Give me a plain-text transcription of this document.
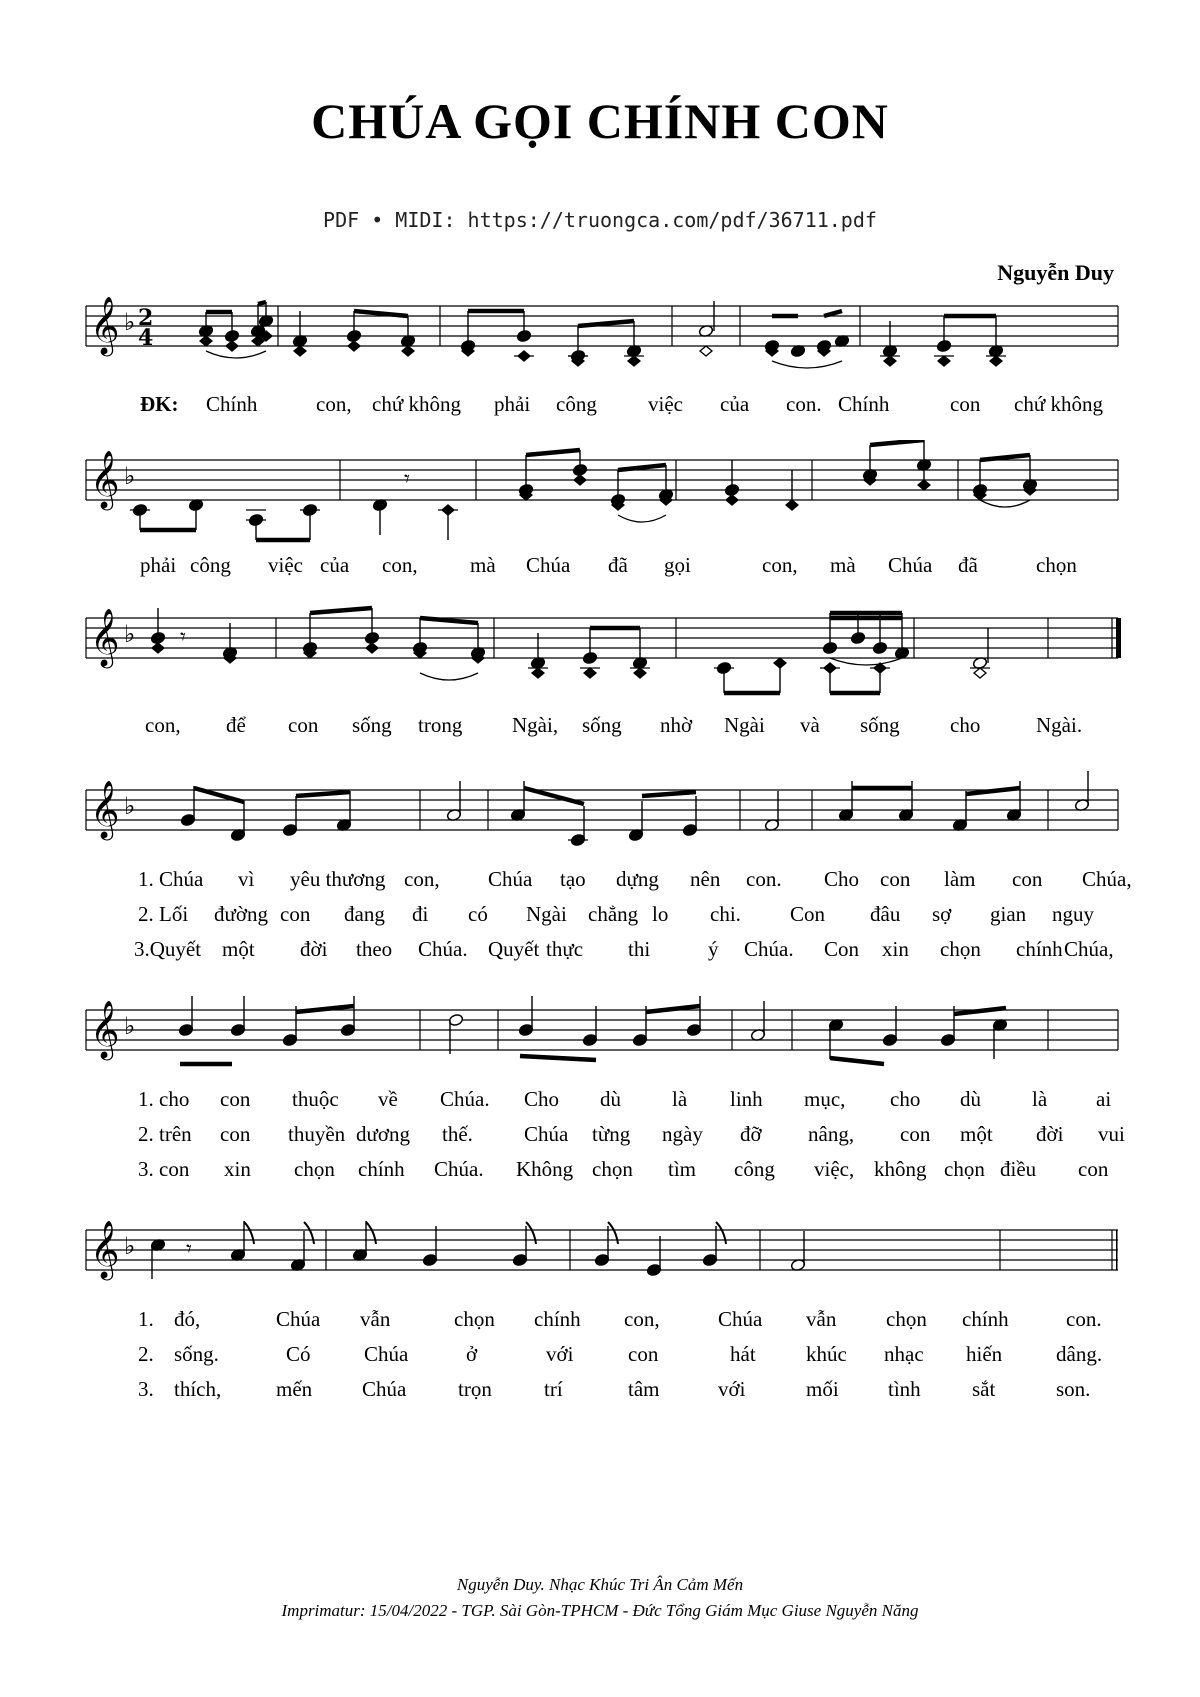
CHÚA GỌI CHÍNH CON
PDF • MIDI: https://truongca.com/pdf/36711.pdf
Nguyễn Duy
𝄞 ♭ 2
4
𝄞 ♭	𝄾
𝄞 ♭ 𝄾
𝄞 ♭
𝄞 ♭
𝄞 ♭ 𝄾
ĐK: Chính	con, chứ không phải công việc của con. Chính	con chứ không
phải công việc của con, mà Chúa đã gọi	con, mà Chúa đã	chọn
con, để con sống trong Ngài, sống nhờ Ngài và sống cho	Ngài.
1. Chúa vì yêu thương con, Chúa tạo dựng nên con. Cho con làm con Chúa,
2. Lối đường con đang đi có Ngài chẳng lo chi. Con đâu sợ gian nguy
3.Quyết một đời theo Chúa. Quyết thực thi	ý Chúa. Con xin chọn chính Chúa,
1. cho con thuộc về Chúa. Cho dù là linh mục, cho dù là ai
2. trên con thuyền dương thế. Chúa từng ngày đỡ nâng, con một đời vui
3. con xin chọn chính Chúa. Không chọn tìm công việc, không chọn điều con
1. đó,	Chúa vẫn	chọn chính con,	Chúa vẫn chọn chính	con.
2. sống.	Có	Chúa	ở	với	con	hát khúc nhạc hiến	dâng.
3. thích,	mến Chúa trọn trí	tâm	với	mối tình sắt	son.
Nguyễn Duy. Nhạc Khúc Tri Ân Cảm Mến
Imprimatur: 15/04/2022 - TGP. Sài Gòn-TPHCM - Đức Tổng Giám Mục Giuse Nguyễn Năng
